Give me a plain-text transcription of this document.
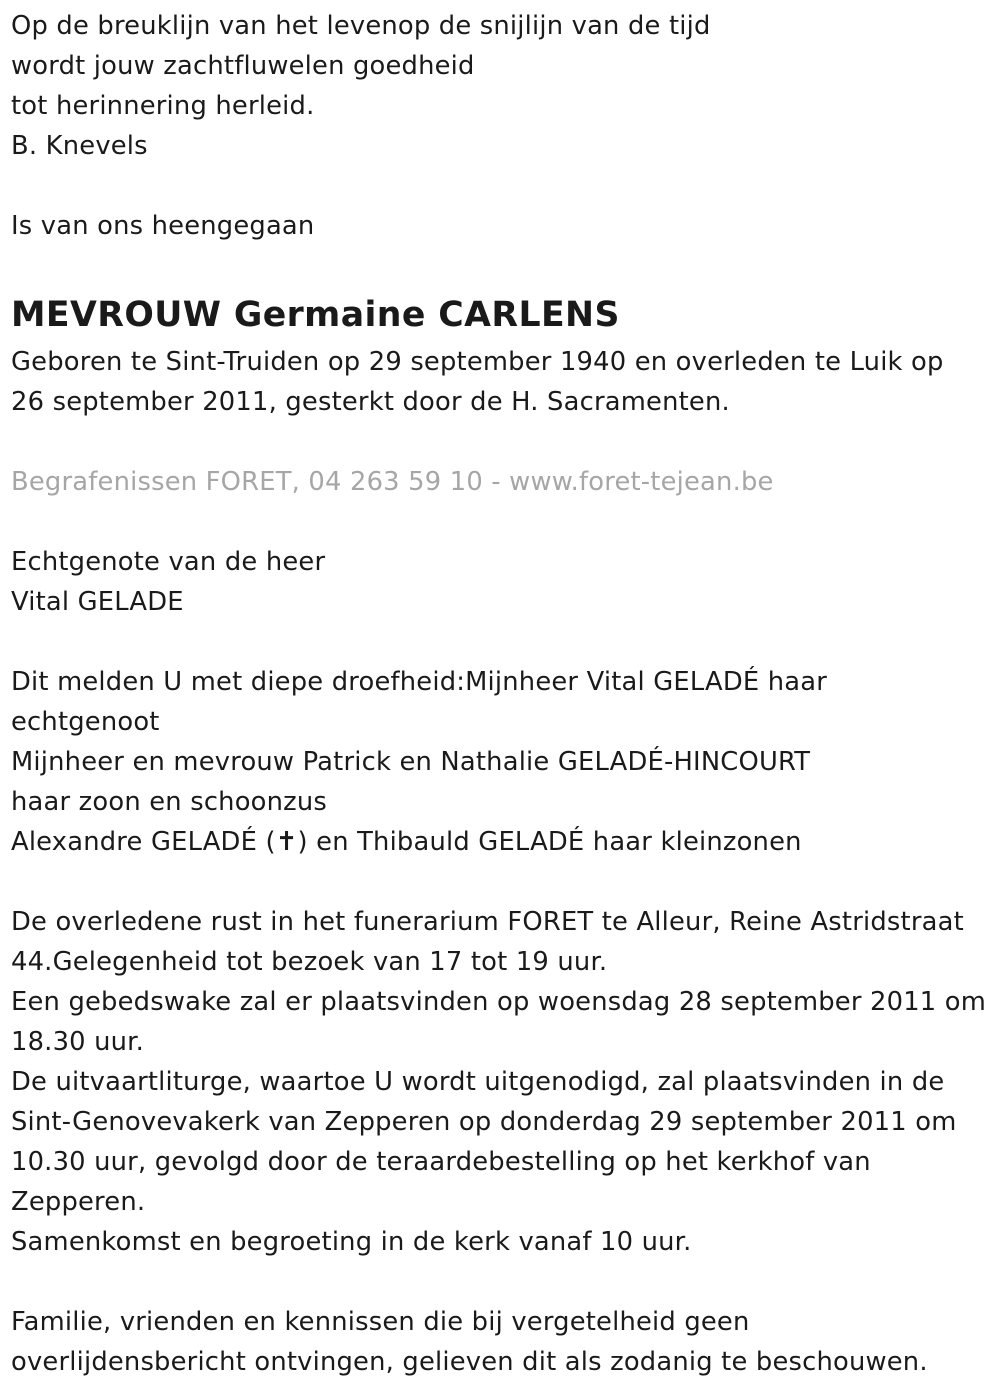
Op de breuklijn van het levenop de snijlijn van de tijd wordt jouw zachtfluwelen goedheid tot herinnering herleid. B. Knevels
Is van ons heengegaan
MEVROUW Germaine CARLENS Geboren te Sint-Truiden op 29 september 1940 en overleden te Luik op 26 september 2011, gesterkt door de H. Sacramenten.
Begrafenissen FORET, 04 263 59 10 - www.foret-tejean.be
Echtgenote van de heer Vital GELADE
Dit melden U met diepe droefheid:Mijnheer Vital GELADÉ haar echtgenoot Mijnheer en mevrouw Patrick en Nathalie GELADÉ-HINCOURT haar zoon en schoonzus Alexandre GELADÉ (✝) en Thibauld GELADÉ haar kleinzonen
De overledene rust in het funerarium FORET te Alleur, Reine Astridstraat 44.Gelegenheid tot bezoek van 17 tot 19 uur. Een gebedswake zal er plaatsvinden op woensdag 28 september 2011 om 18.30 uur. De uitvaartliturge, waartoe U wordt uitgenodigd, zal plaatsvinden in de Sint-Genovevakerk van Zepperen op donderdag 29 september 2011 om 10.30 uur, gevolgd door de teraardebestelling op het kerkhof van Zepperen. Samenkomst en begroeting in de kerk vanaf 10 uur.
Familie, vrienden en kennissen die bij vergetelheid geen overlijdensbericht ontvingen, gelieven dit als zodanig te beschouwen.
